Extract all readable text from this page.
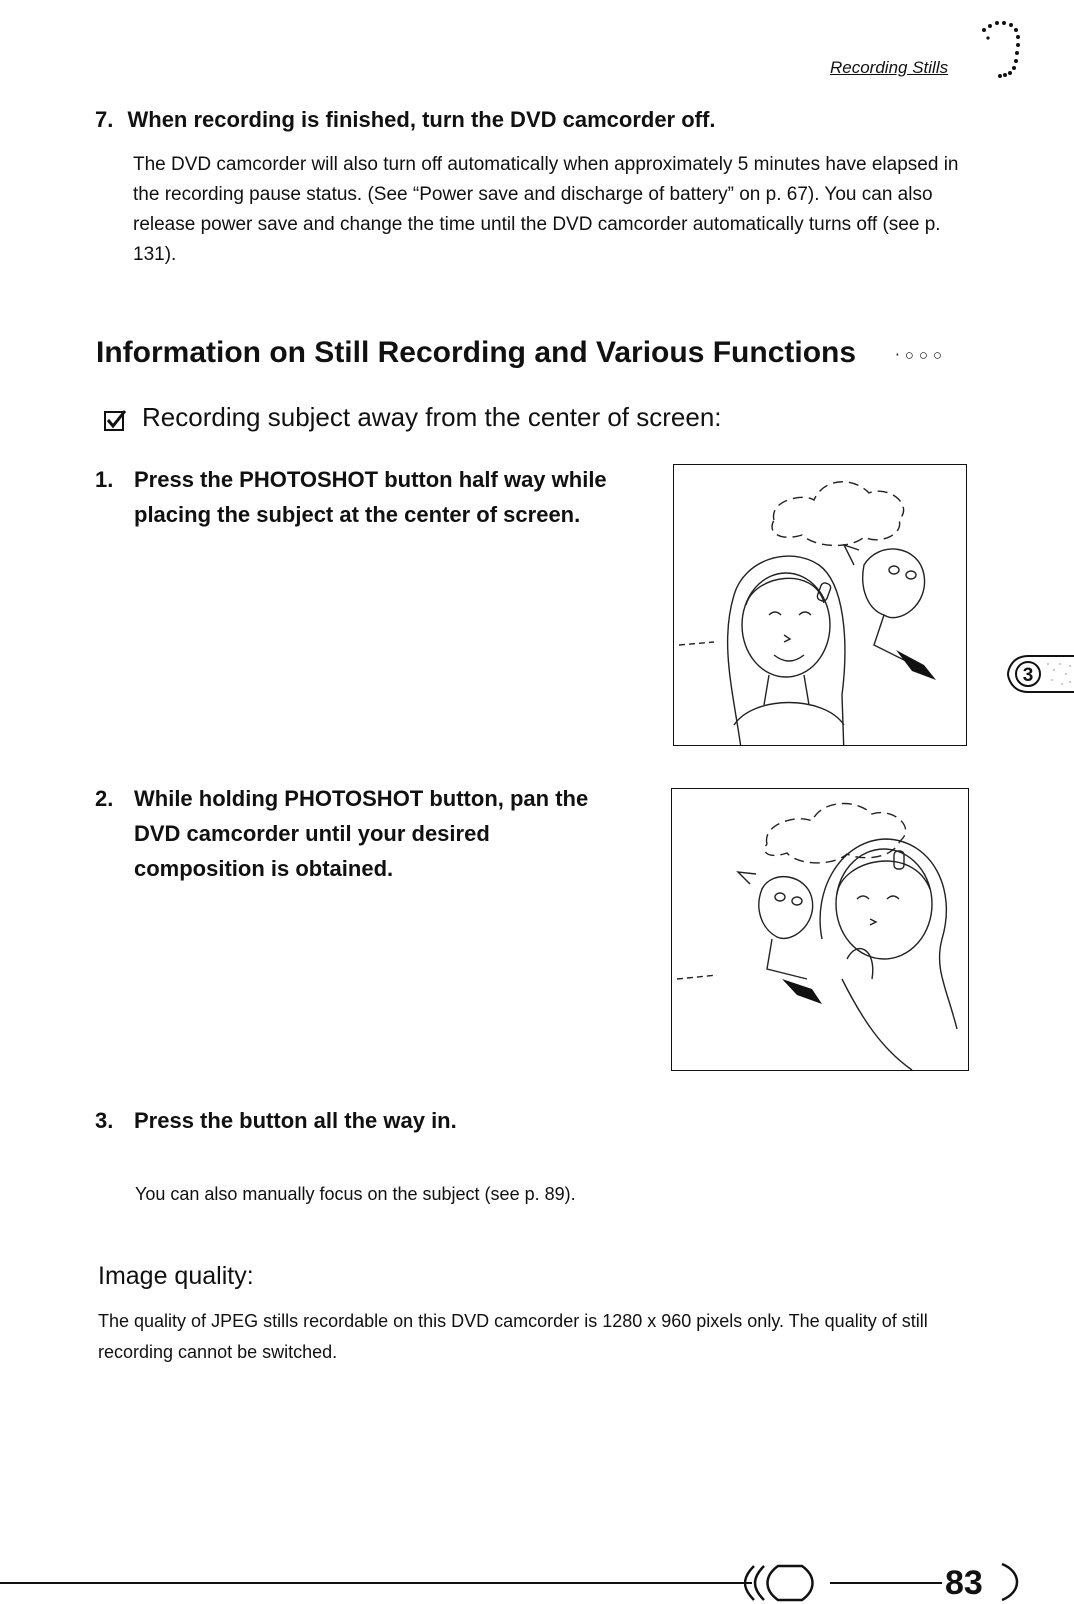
Recording Stills
7. When recording is finished, turn the DVD camcorder off.
The DVD camcorder will also turn off automatically when approximately 5 minutes have elapsed in the recording pause status. (See “Power save and discharge of battery” on p. 67). You can also release power save and change the time until the DVD camcorder automatically turns off (see p. 131).
Information on Still Recording and Various Functions	‧○○○
Recording subject away from the center of screen:
1. Press the PHOTOSHOT button half way while placing the subject at the center of screen.
2. While holding PHOTOSHOT button, pan the DVD camcorder until your desired composition is obtained.
3. Press the button all the way in.
You can also manually focus on the subject (see p. 89).
Image quality:
The quality of JPEG stills recordable on this DVD camcorder is 1280 x 960 pixels only. The quality of still recording cannot be switched.
3
83
